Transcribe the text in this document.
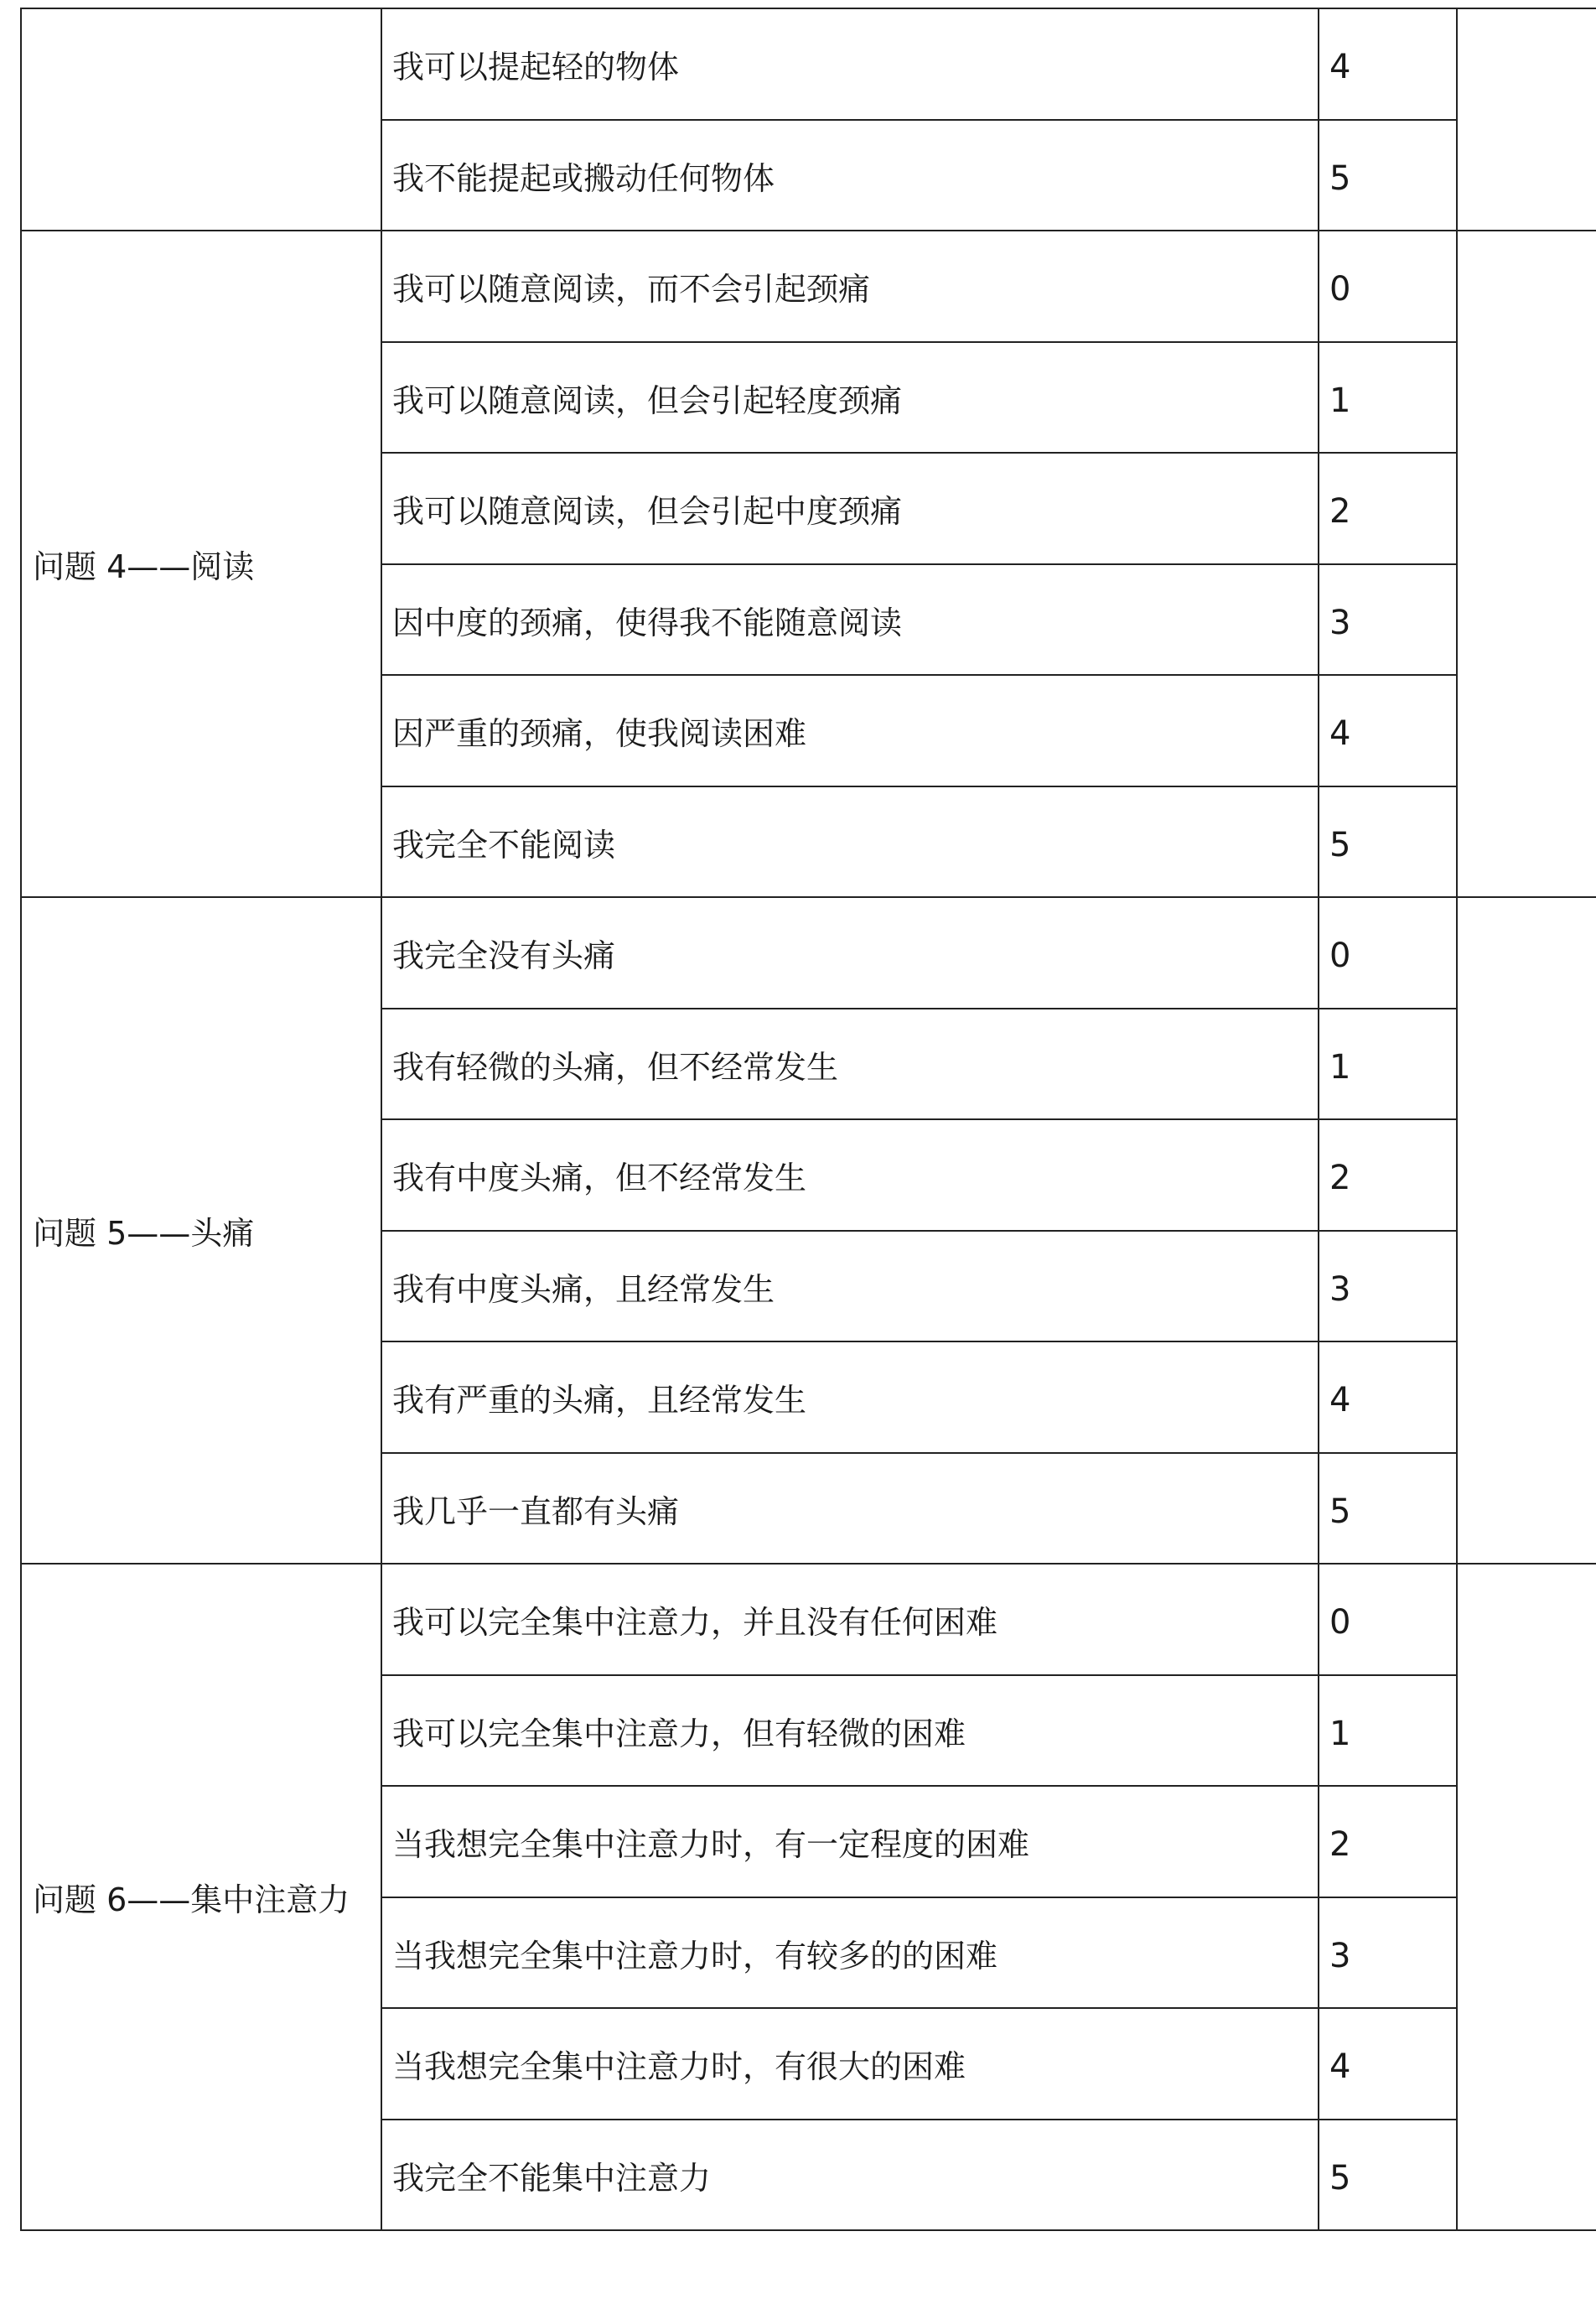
	我可以提起轻的物体	4	
	我不能提起或搬动任何物体	5	
问题 4——阅读	我可以随意阅读，而不会引起颈痛	0	
	我可以随意阅读，但会引起轻度颈痛	1	
	我可以随意阅读，但会引起中度颈痛	2	
	因中度的颈痛，使得我不能随意阅读	3	
	因严重的颈痛，使我阅读困难	4	
	我完全不能阅读	5	
问题 5——头痛	我完全没有头痛	0	
	我有轻微的头痛，但不经常发生	1	
	我有中度头痛，但不经常发生	2	
	我有中度头痛，且经常发生	3	
	我有严重的头痛，且经常发生	4	
	我几乎一直都有头痛	5	
问题 6——集中注意力	我可以完全集中注意力，并且没有任何困难	0	
	我可以完全集中注意力，但有轻微的困难	1	
	当我想完全集中注意力时，有一定程度的困难	2	
	当我想完全集中注意力时，有较多的的困难	3	
	当我想完全集中注意力时，有很大的困难	4	
	我完全不能集中注意力	5	
